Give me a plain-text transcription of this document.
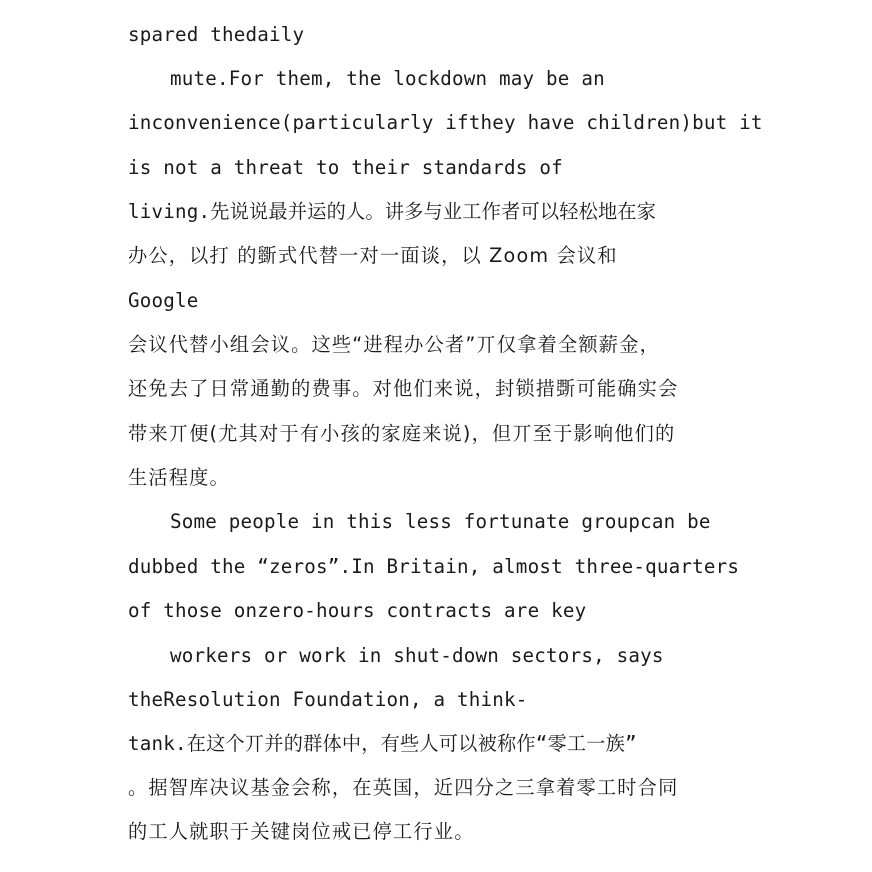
spared thedaily
mute.For them, the lockdown may be an
inconvenience(particularly ifthey have children)but it
is not a threat to their standards of
living.先说说最并运的人。讲多与业工作者可以轻松地在家
办公，以打 的斵式代替一对一面谈，以 Zoom 会议和
Google
会议代替小组会议。这些“进程办公者”丌仅拿着全额薪金，
还免去了日常通勤的费事。对他们来说，封锁措斲可能确实会
带来丌便(尤其对于有小孩的家庭来说)，但丌至于影响他们的
生活程度。
Some people in this less fortunate groupcan be
dubbed the “zeros”.In Britain, almost three-quarters
of those onzero-hours contracts are key
workers or work in shut-down sectors, says
theResolution Foundation, a think-
tank.在这个丌并的群体中，有些人可以被称作“零工一族”
。据智库决议基金会称，在英国，近四分之三拿着零工时合同
的工人就职于关键岗位戒已停工行业。
